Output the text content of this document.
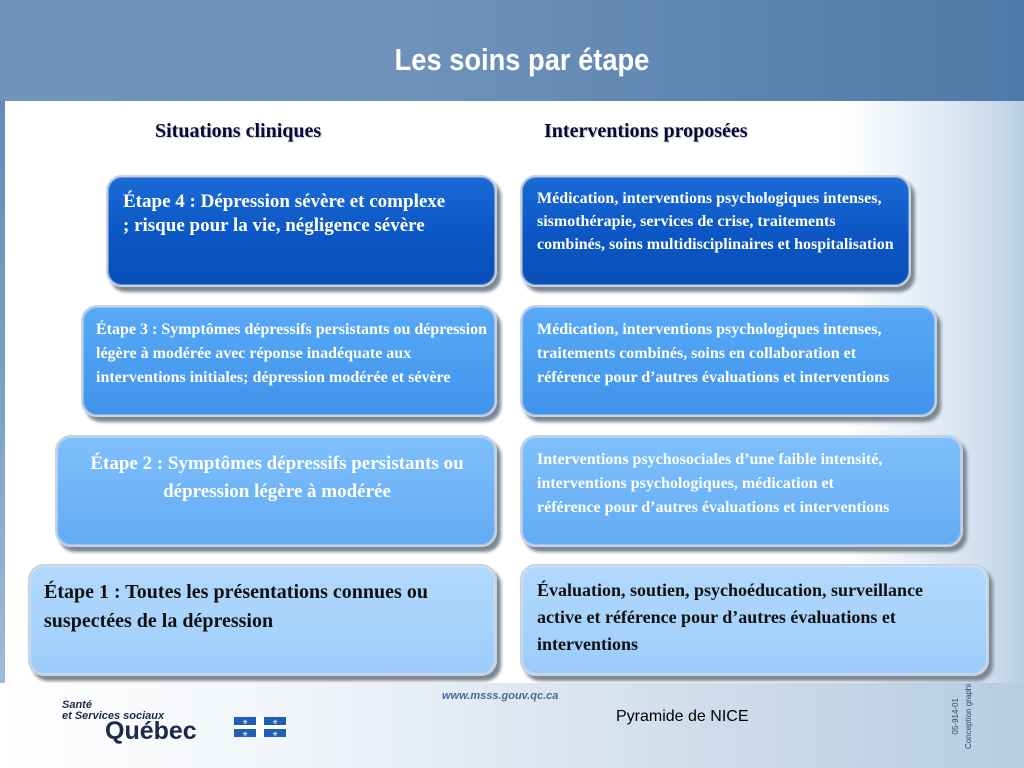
Les soins par étape
Situations cliniques	Interventions proposées
Étape 4 : Dépression sévère et complexe ; risque pour la vie, négligence sévère
Médication, interventions psychologiques intenses, sismothérapie, services de crise, traitements combinés, soins multidisciplinaires et hospitalisation
Étape 3 : Symptômes dépressifs persistants ou dépression légère à modérée avec réponse inadéquate aux interventions initiales; dépression modérée et sévère
Médication, interventions psychologiques intenses, traitements combinés, soins en collaboration et référence pour d’autres évaluations et interventions
Étape 2 : Symptômes dépressifs persistants ou dépression légère à modérée
Interventions psychosociales d’une faible intensité, interventions psychologiques, médication et référence pour d’autres évaluations et interventions
Étape 1 : Toutes les présentations connues ou suspectées de la dépression
Évaluation, soutien, psychoéducation, surveillance active et référence pour d’autres évaluations et interventions
www.msss.gouv.qc.ca
Santé
et Services sociaux
Québec	⚜	⚜
⚜	⚜
Pyramide de NICE	05-914-01 Conception graphi
